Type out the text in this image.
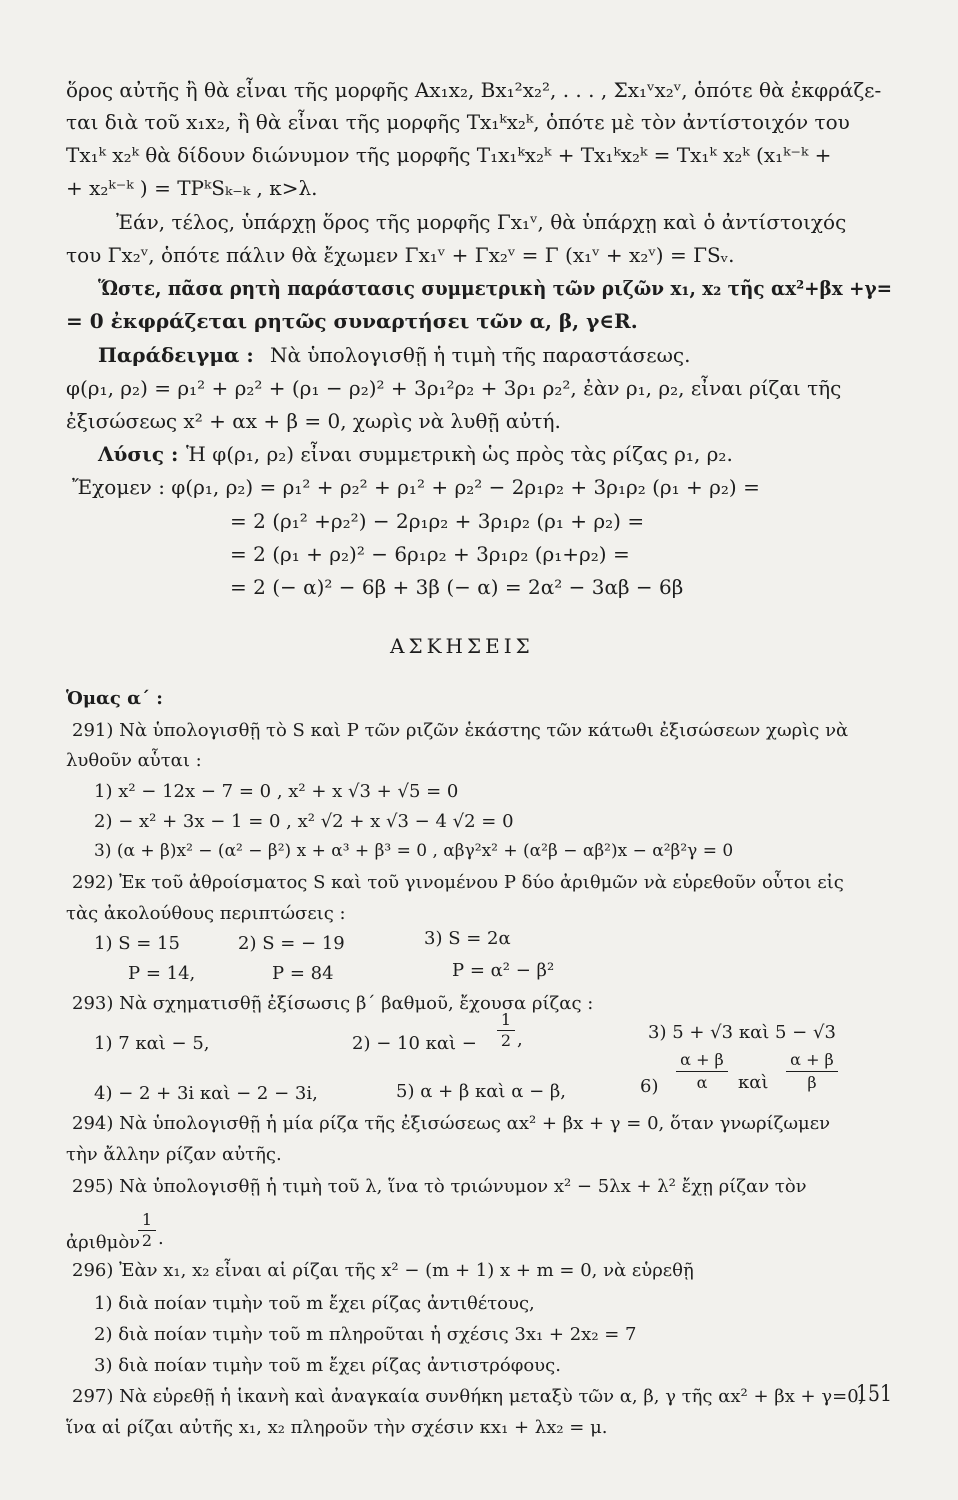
ὅρος αὐτῆς ἢ θὰ εἶναι τῆς μορφῆς Ax₁x₂, Bx₁²x₂², . . . , Σx₁ᵛx₂ᵛ, ὁπότε θὰ ἐκφράζε-
ται διὰ τοῦ x₁x₂, ἢ θὰ εἶναι τῆς μορφῆς Tx₁ᵏx₂ᵏ, ὁπότε μὲ τὸν ἀντίστοιχόν του
Tx₁ᵏ x₂ᵏ θὰ δίδουν διώνυμον τῆς μορφῆς T₁x₁ᵏx₂ᵏ + Tx₁ᵏx₂ᵏ = Tx₁ᵏ x₂ᵏ (x₁ᵏ⁻ᵏ +
+ x₂ᵏ⁻ᵏ ) = TPᵏSₖ₋ₖ , κ>λ.
Ἐάν, τέλος, ὑπάρχῃ ὅρος τῆς μορφῆς Γx₁ᵛ, θὰ ὑπάρχῃ καὶ ὁ ἀντίστοιχός
του Γx₂ᵛ, ὁπότε πάλιν θὰ ἔχωμεν Γx₁ᵛ + Γx₂ᵛ = Γ (x₁ᵛ + x₂ᵛ) = ΓSᵥ.
Ὥστε, πᾶσα ρητὴ παράστασις συμμετρικὴ τῶν ριζῶν x₁, x₂ τῆς αx²+βx +γ=
= 0 ἐκφράζεται ρητῶς συναρτήσει τῶν α, β, γ∈R.
Παράδειγμα : Νὰ ὑπολογισθῇ ἡ τιμὴ τῆς παραστάσεως.
φ(ρ₁, ρ₂) = ρ₁² + ρ₂² + (ρ₁ − ρ₂)² + 3ρ₁²ρ₂ + 3ρ₁ ρ₂², ἐὰν ρ₁, ρ₂, εἶναι ρίζαι τῆς
ἐξισώσεως x² + αx + β = 0, χωρὶς νὰ λυθῇ αὐτή.
Λύσις : Ἡ φ(ρ₁, ρ₂) εἶναι συμμετρικὴ ὡς πρὸς τὰς ρίζας ρ₁, ρ₂.
Ἔχομεν : φ(ρ₁, ρ₂) = ρ₁² + ρ₂² + ρ₁² + ρ₂² − 2ρ₁ρ₂ + 3ρ₁ρ₂ (ρ₁ + ρ₂) =
= 2 (ρ₁² +ρ₂²) − 2ρ₁ρ₂ + 3ρ₁ρ₂ (ρ₁ + ρ₂) =
= 2 (ρ₁ + ρ₂)² − 6ρ₁ρ₂ + 3ρ₁ρ₂ (ρ₁+ρ₂) =
= 2 (− α)² − 6β + 3β (− α) = 2α² − 3αβ − 6β
ΑΣΚΗΣΕΙΣ
Ὁμας α΄ :
291) Νὰ ὑπολογισθῇ τὸ S καὶ P τῶν ριζῶν ἑκάστης τῶν κάτωθι ἐξισώσεων χωρὶς νὰ
λυθοῦν αὗται :
1) x² − 12x − 7 = 0 , x² + x √3 + √5 = 0
2) − x² + 3x − 1 = 0 , x² √2 + x √3 − 4 √2 = 0
3) (α + β)x² − (α² − β²) x + α³ + β³ = 0 , αβγ²x² + (α²β − αβ²)x − α²β²γ = 0
292) Ἐκ τοῦ ἀθροίσματος S καὶ τοῦ γινομένου P δύο ἀριθμῶν νὰ εὑρεθοῦν οὗτοι εἰς
τὰς ἀκολούθους περιπτώσεις :
1) S = 15	2) S = − 19	3) S = 2α
P = 14,	P = 84	P = α² − β²
293) Νὰ σχηματισθῇ ἐξίσωσις β΄ βαθμοῦ, ἔχουσα ρίζας :
1) 7 καὶ − 5,	2) − 10 καὶ − $\frac{1}{2}$ ,	3) 5 + √3 καὶ 5 − √3
4) − 2 + 3i καὶ − 2 − 3i,	5) α + β καὶ α − β,	$6) \frac{\alpha + \beta}{\alpha}$ καὶ $\frac{\alpha + \beta}{\beta}$
294) Νὰ ὑπολογισθῇ ἡ μία ρίζα τῆς ἐξισώσεως αx² + βx + γ = 0, ὅταν γνωρίζωμεν
τὴν ἄλλην ρίζαν αὐτῆς.
295) Νὰ ὑπολογισθῇ ἡ τιμὴ τοῦ λ, ἵνα τὸ τριώνυμον x² − 5λx + λ² ἔχῃ ρίζαν τὸν
ἀριθμὸν
$\frac{1}{2}$ .
296) Ἐὰν x₁, x₂ εἶναι αἱ ρίζαι τῆς x² − (m + 1) x + m = 0, νὰ εὑρεθῇ
1) διὰ ποίαν τιμὴν τοῦ m ἔχει ρίζας ἀντιθέτους,
2) διὰ ποίαν τιμὴν τοῦ m πληροῦται ἡ σχέσις 3x₁ + 2x₂ = 7
3) διὰ ποίαν τιμὴν τοῦ m ἔχει ρίζας ἀντιστρόφους.
297) Νὰ εὑρεθῇ ἡ ἱκανὴ καὶ ἀναγκαία συνθήκη μεταξὺ τῶν α, β, γ τῆς αx² + βx + γ=0,
ἵνα αἱ ρίζαι αὐτῆς x₁, x₂ πληροῦν τὴν σχέσιν κx₁ + λx₂ = μ.
151
